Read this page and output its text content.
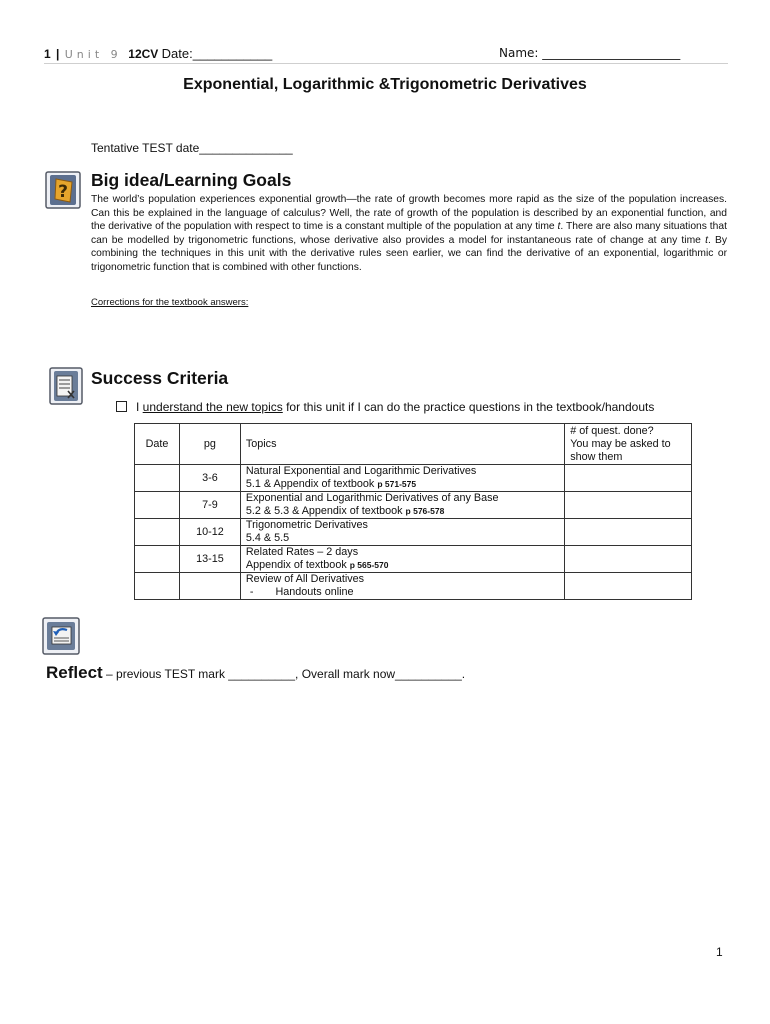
1 | Unit 9 12CV Date:___________	Name: _______________________
Exponential, Logarithmic &Trigonometric Derivatives
Tentative TEST date______________
?
Big idea/Learning Goals
The world’s population experiences exponential growth—the rate of growth becomes more rapid as the size of the population increases. Can this be explained in the language of calculus? Well, the rate of growth of the population is described by an exponential function, and the derivative of the population with respect to time is a constant multiple of the population at any time t. There are also many situations that can be modelled by trigonometric functions, whose derivative also provides a model for instantaneous rate of change at any time t. By combining the techniques in this unit with the derivative rules seen earlier, we can find the derivative of an exponential, logarithmic or trigonometric function that is combined with other functions.
Corrections for the textbook answers:
Success Criteria
I understand the new topics for this unit if I can do the practice questions in the textbook/handouts
Date	pg	Topics	# of quest. done?
You may be asked to
show them
	3-6	Natural Exponential and Logarithmic Derivatives
5.1 & Appendix of textbook p 571-575	
	7-9	Exponential and Logarithmic Derivatives of any Base
5.2 & 5.3 & Appendix of textbook p 576-578	
	10-12	Trigonometric Derivatives
5.4 & 5.5	
	13-15	Related Rates – 2 days
Appendix of textbook p 565-570	
		Review of All Derivatives
- Handouts online	
Reflect – previous TEST mark __________, Overall mark now__________.
1
